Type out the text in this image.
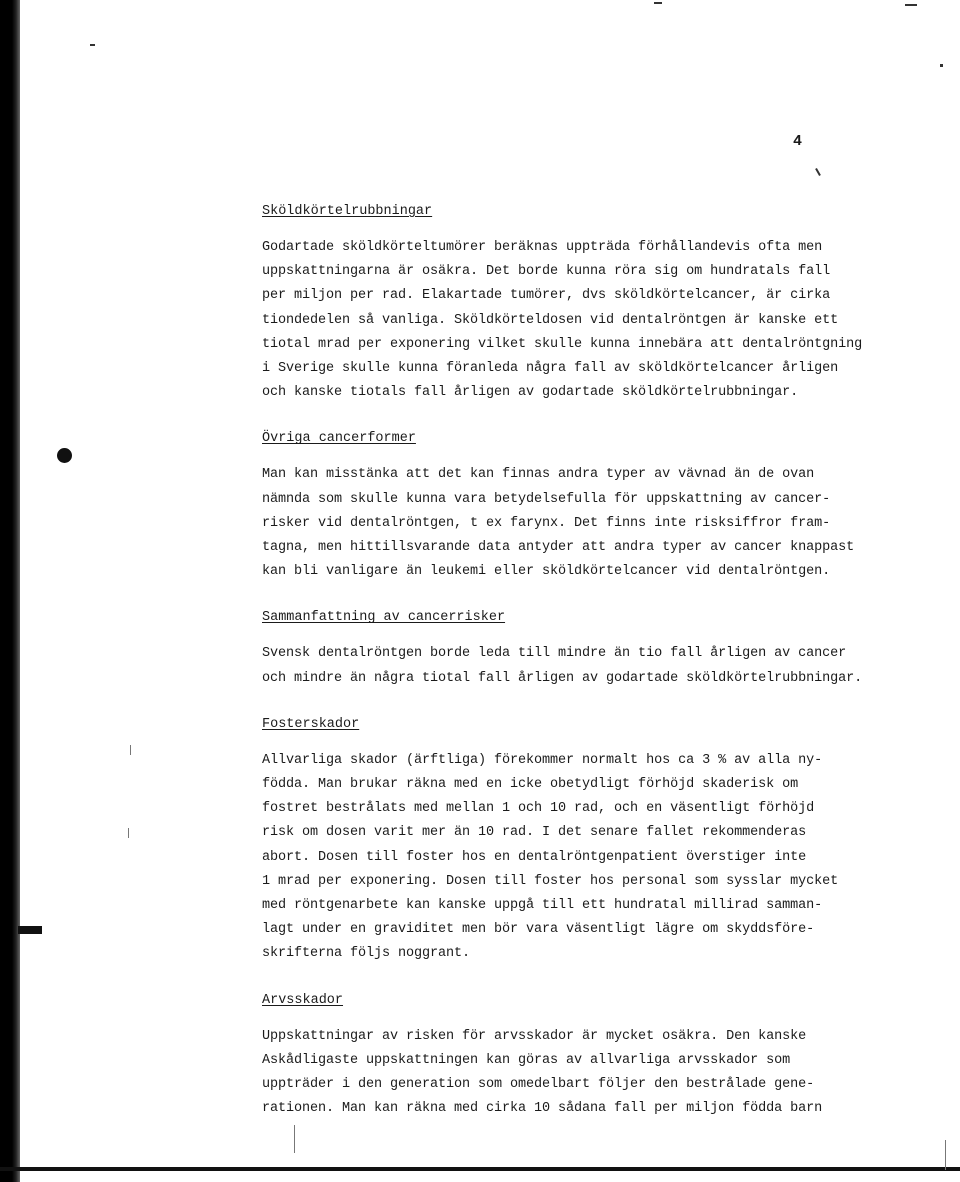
4
Sköldkörtelrubbningar
Godartade sköldkörteltumörer beräknas uppträda förhållandevis ofta men
uppskattningarna är osäkra. Det borde kunna röra sig om hundratals fall
per miljon per rad. Elakartade tumörer, dvs sköldkörtelcancer, är cirka
tiondedelen så vanliga. Sköldkörteldosen vid dentalröntgen är kanske ett
tiotal mrad per exponering vilket skulle kunna innebära att dentalröntgning
i Sverige skulle kunna föranleda några fall av sköldkörtelcancer årligen
och kanske tiotals fall årligen av godartade sköldkörtelrubbningar.
Övriga cancerformer
Man kan misstänka att det kan finnas andra typer av vävnad än de ovan
nämnda som skulle kunna vara betydelsefulla för uppskattning av cancer-
risker vid dentalröntgen, t ex farynx. Det finns inte risksiffror fram-
tagna, men hittillsvarande data antyder att andra typer av cancer knappast
kan bli vanligare än leukemi eller sköldkörtelcancer vid dentalröntgen.
Sammanfattning av cancerrisker
Svensk dentalröntgen borde leda till mindre än tio fall årligen av cancer
och mindre än några tiotal fall årligen av godartade sköldkörtelrubbningar.
Fosterskador
Allvarliga skador (ärftliga) förekommer normalt hos ca 3 % av alla ny-
födda. Man brukar räkna med en icke obetydligt förhöjd skaderisk om
fostret bestrålats med mellan 1 och 10 rad, och en väsentligt förhöjd
risk om dosen varit mer än 10 rad. I det senare fallet rekommenderas
abort. Dosen till foster hos en dentalröntgenpatient överstiger inte
1 mrad per exponering. Dosen till foster hos personal som sysslar mycket
med röntgenarbete kan kanske uppgå till ett hundratal millirad samman-
lagt under en graviditet men bör vara väsentligt lägre om skyddsföre-
skrifterna följs noggrant.
Arvsskador
Uppskattningar av risken för arvsskador är mycket osäkra. Den kanske
Askådligaste uppskattningen kan göras av allvarliga arvsskador som
uppträder i den generation som omedelbart följer den bestrålade gene-
rationen. Man kan räkna med cirka 10 sådana fall per miljon födda barn
